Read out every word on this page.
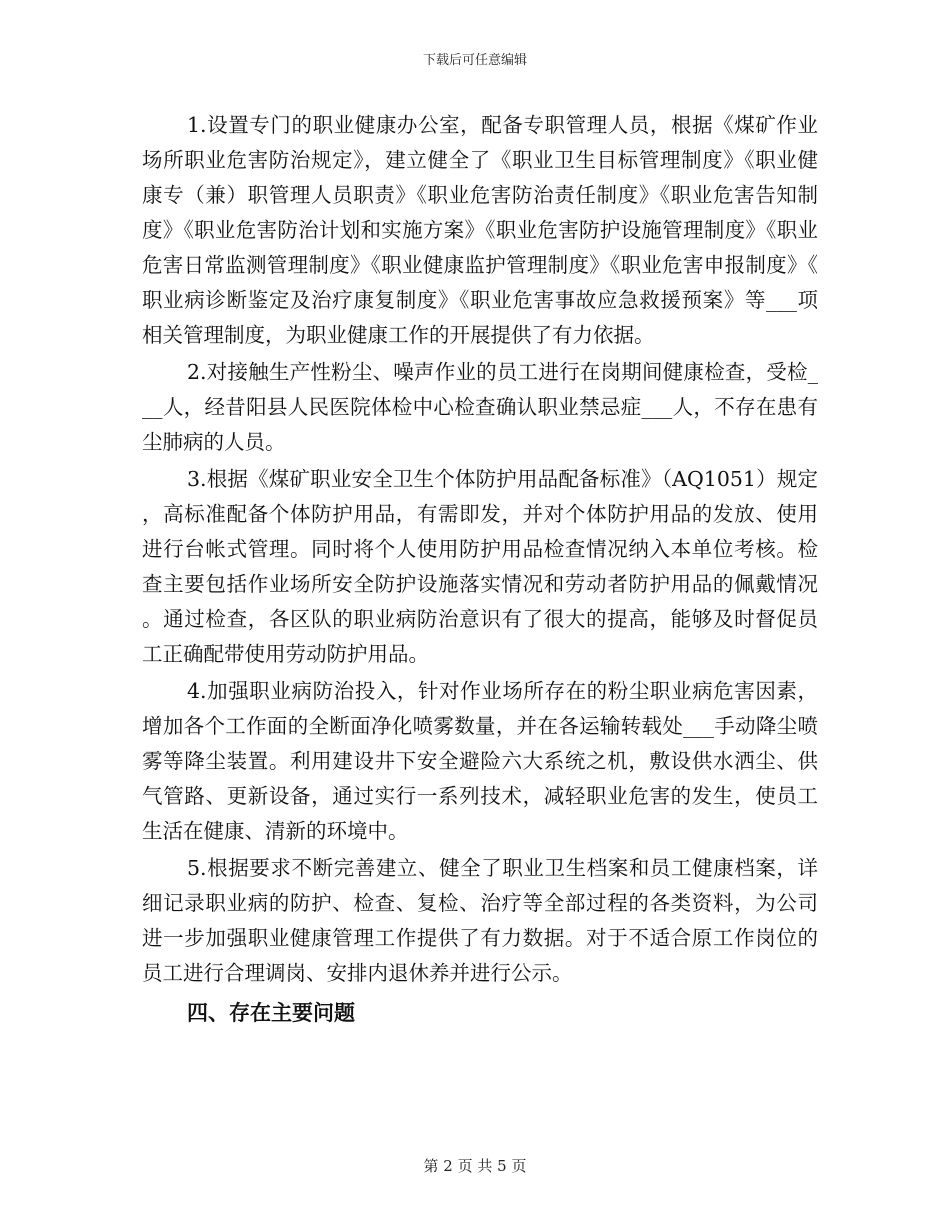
下载后可任意编辑

1.设置专门的职业健康办公室，配备专职管理人员，根据《煤矿作业场所职业危害防治规定》，建立健全了《职业卫生目标管理制度》《职业健康专（兼）职管理人员职责》《职业危害防治责任制度》《职业危害告知制度》《职业危害防治计划和实施方案》《职业危害防护设施管理制度》《职业危害日常监测管理制度》《职业健康监护管理制度》《职业危害申报制度》《职业病诊断鉴定及治疗康复制度》《职业危害事故应急救援预案》等___项相关管理制度，为职业健康工作的开展提供了有力依据。

2.对接触生产性粉尘、噪声作业的员工进行在岗期间健康检查，受检___人，经昔阳县人民医院体检中心检查确认职业禁忌症___人，不存在患有尘肺病的人员。

3.根据《煤矿职业安全卫生个体防护用品配备标准》（AQ1051）规定，高标准配备个体防护用品，有需即发，并对个体防护用品的发放、使用进行台帐式管理。同时将个人使用防护用品检查情况纳入本单位考核。检查主要包括作业场所安全防护设施落实情况和劳动者防护用品的佩戴情况。通过检查，各区队的职业病防治意识有了很大的提高，能够及时督促员工正确配带使用劳动防护用品。

4.加强职业病防治投入，针对作业场所存在的粉尘职业病危害因素，增加各个工作面的全断面净化喷雾数量，并在各运输转载处___手动降尘喷雾等降尘装置。利用建设井下安全避险六大系统之机，敷设供水洒尘、供气管路、更新设备，通过实行一系列技术，减轻职业危害的发生，使员工生活在健康、清新的环境中。

5.根据要求不断完善建立、健全了职业卫生档案和员工健康档案，详细记录职业病的防护、检查、复检、治疗等全部过程的各类资料，为公司进一步加强职业健康管理工作提供了有力数据。对于不适合原工作岗位的员工进行合理调岗、安排内退休养并进行公示。

四、存在主要问题

第 2 页 共 5 页
